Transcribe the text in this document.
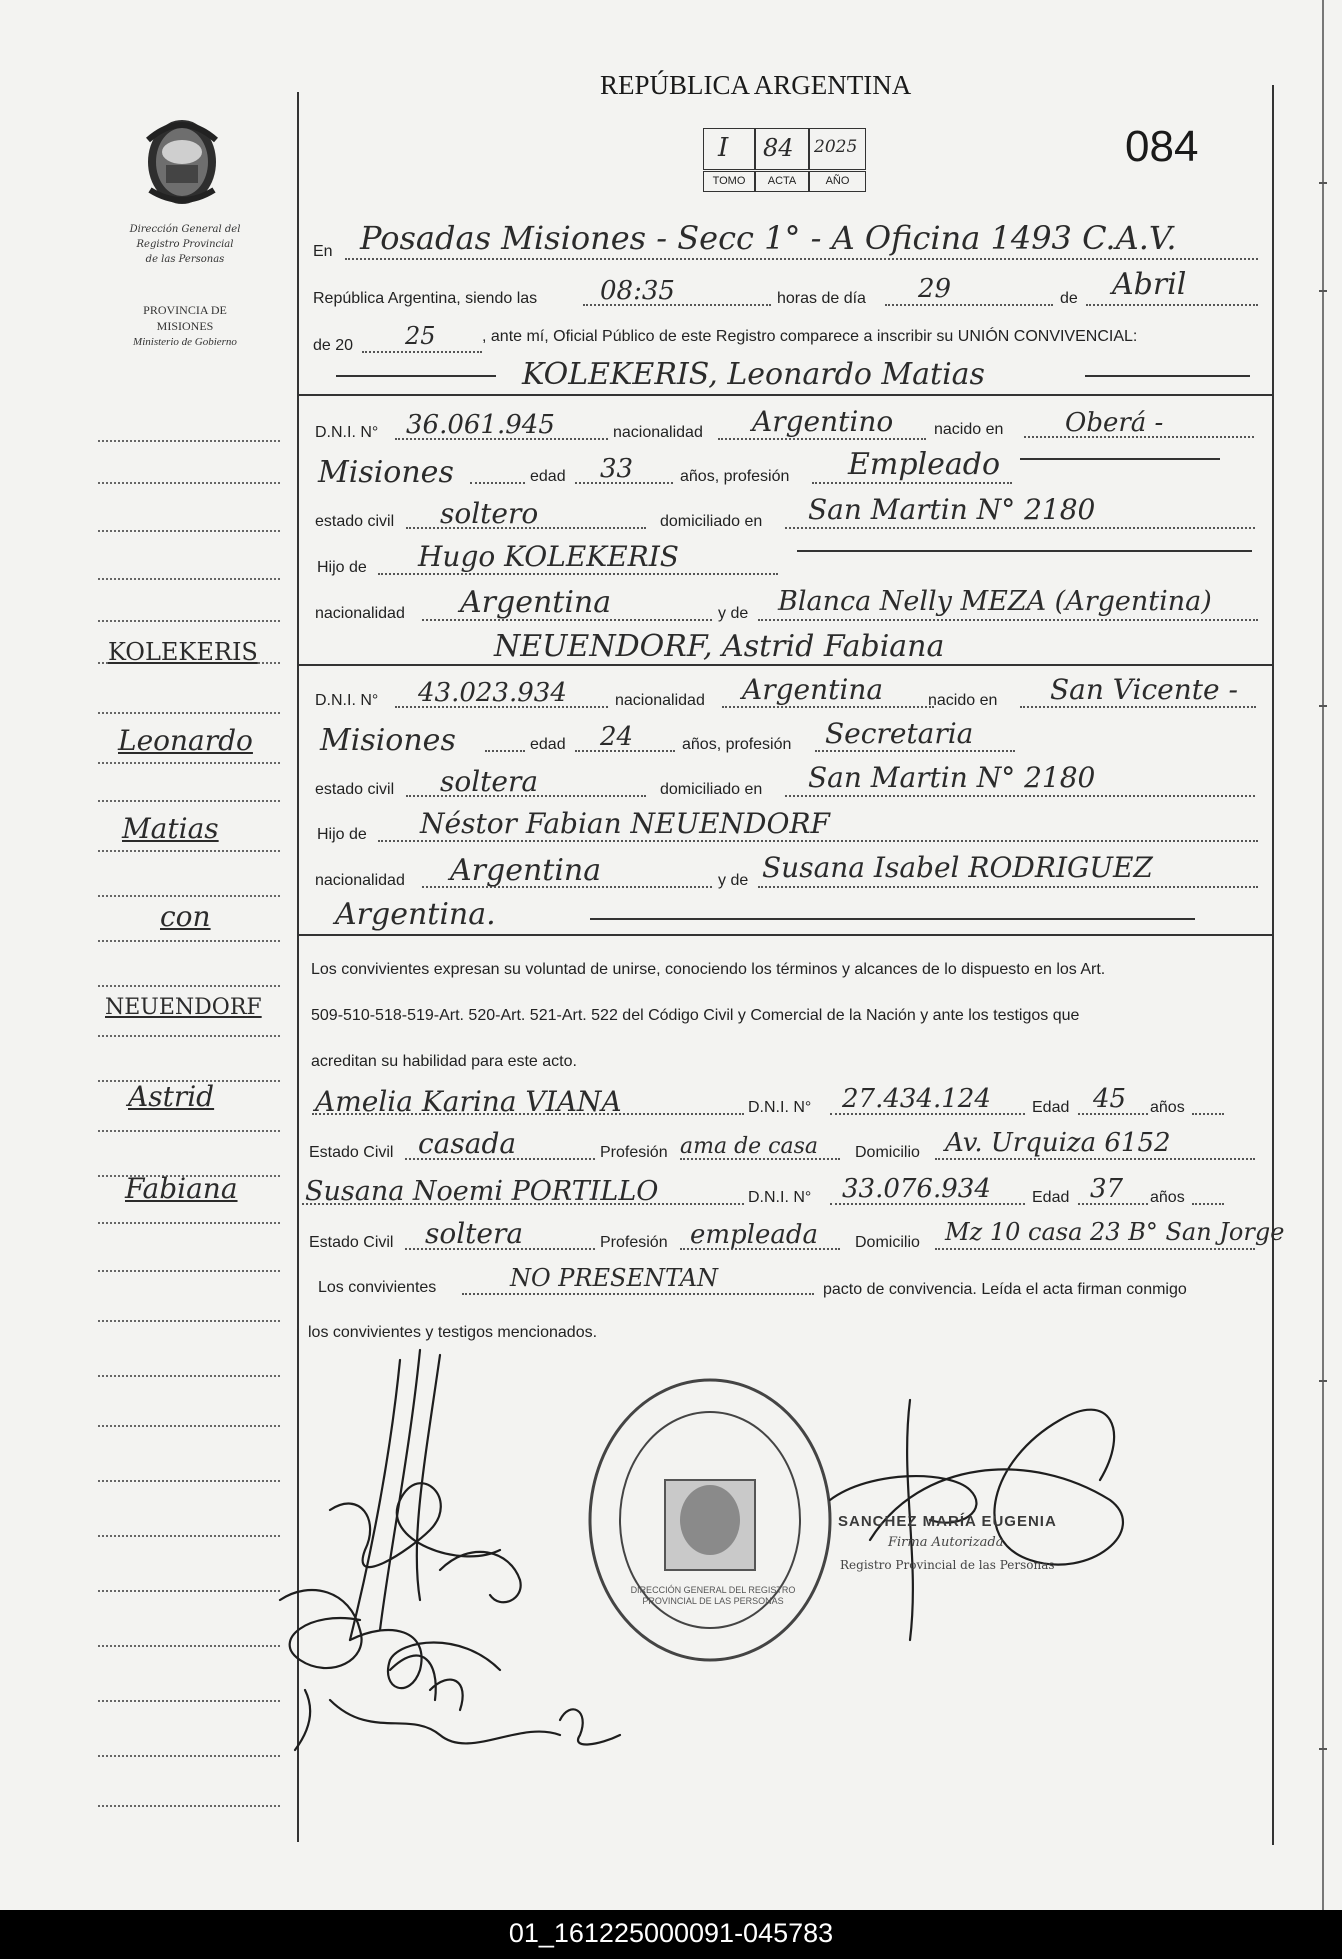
REPÚBLICA ARGENTINA
084
I 84 2025
TOMO	ACTA	AÑO
Dirección General del
Registro Provincial
de las Personas
PROVINCIA DE
MISIONES
Ministerio de Gobierno
KOLEKERIS
Leonardo
Matias
con
NEUENDORF
Astrid
Fabiana
En Posadas Misiones - Secc 1° - A Oficina 1493 C.A.V.
República Argentina, siendo las 08:35	horas de día 29	de Abril
de 20 25	, ante mí, Oficial Público de este Registro comparece a inscribir su UNIÓN CONVIVENCIAL:
KOLEKERIS, Leonardo Matias
D.N.I. N° 36.061.945	nacionalidad Argentino	nacido en Oberá -
Misiones	edad 33	años, profesión Empleado
estado civil soltero	domiciliado en San Martin N° 2180
Hijo de Hugo KOLEKERIS
nacionalidad Argentina	y de Blanca Nelly MEZA (Argentina)
NEUENDORF, Astrid Fabiana
D.N.I. N° 43.023.934	nacionalidad Argentina	nacido en San Vicente -
Misiones	edad 24	años, profesión Secretaria
estado civil soltera	domiciliado en San Martin N° 2180
Hijo de Néstor Fabian NEUENDORF
nacionalidad Argentina	y de Susana Isabel RODRIGUEZ
Argentina.
Los convivientes expresan su voluntad de unirse, conociendo los términos y alcances de lo dispuesto en los Art.
509-510-518-519-Art. 520-Art. 521-Art. 522 del Código Civil y Comercial de la Nación y ante los testigos que
acreditan su habilidad para este acto.
Amelia Karina VIANA	D.N.I. N° 27.434.124	Edad 45 años
Estado Civil casada	Profesión ama de casa Domicilio Av. Urquiza 6152
Susana Noemi PORTILLO	D.N.I. N° 33.076.934	Edad 37 años
Estado Civil soltera	Profesión empleada Domicilio Mz 10 casa 23 B° San Jorge
Los convivientes	NO PRESENTAN	pacto de convivencia. Leída el acta firman conmigo
los convivientes y testigos mencionados.
SANCHEZ MARÍA EUGENIA
Firma Autorizada
Registro Provincial de las Personas
DIRECCIÓN GENERAL DEL REGISTRO PROVINCIAL DE LAS PERSONAS
01_161225000091-045783
